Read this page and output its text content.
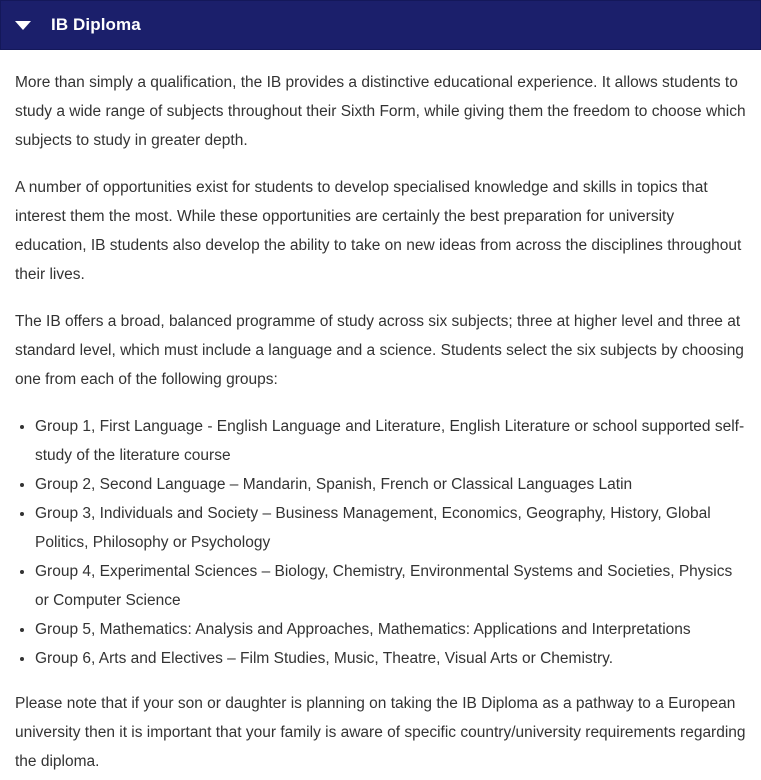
IB Diploma

More than simply a qualification, the IB provides a distinctive educational experience. It allows students to study a wide range of subjects throughout their Sixth Form, while giving them the freedom to choose which subjects to study in greater depth.

A number of opportunities exist for students to develop specialised knowledge and skills in topics that interest them the most. While these opportunities are certainly the best preparation for university education, IB students also develop the ability to take on new ideas from across the disciplines throughout their lives.

The IB offers a broad, balanced programme of study across six subjects; three at higher level and three at standard level, which must include a language and a science. Students select the six subjects by choosing one from each of the following groups:

• Group 1, First Language - English Language and Literature, English Literature or school supported self-study of the literature course
• Group 2, Second Language – Mandarin, Spanish, French or Classical Languages Latin
• Group 3, Individuals and Society – Business Management, Economics, Geography, History, Global Politics, Philosophy or Psychology
• Group 4, Experimental Sciences – Biology, Chemistry, Environmental Systems and Societies, Physics or Computer Science
• Group 5, Mathematics: Analysis and Approaches, Mathematics: Applications and Interpretations
• Group 6, Arts and Electives – Film Studies, Music, Theatre, Visual Arts or Chemistry.

Please note that if your son or daughter is planning on taking the IB Diploma as a pathway to a European university then it is important that your family is aware of specific country/university requirements regarding the diploma.
